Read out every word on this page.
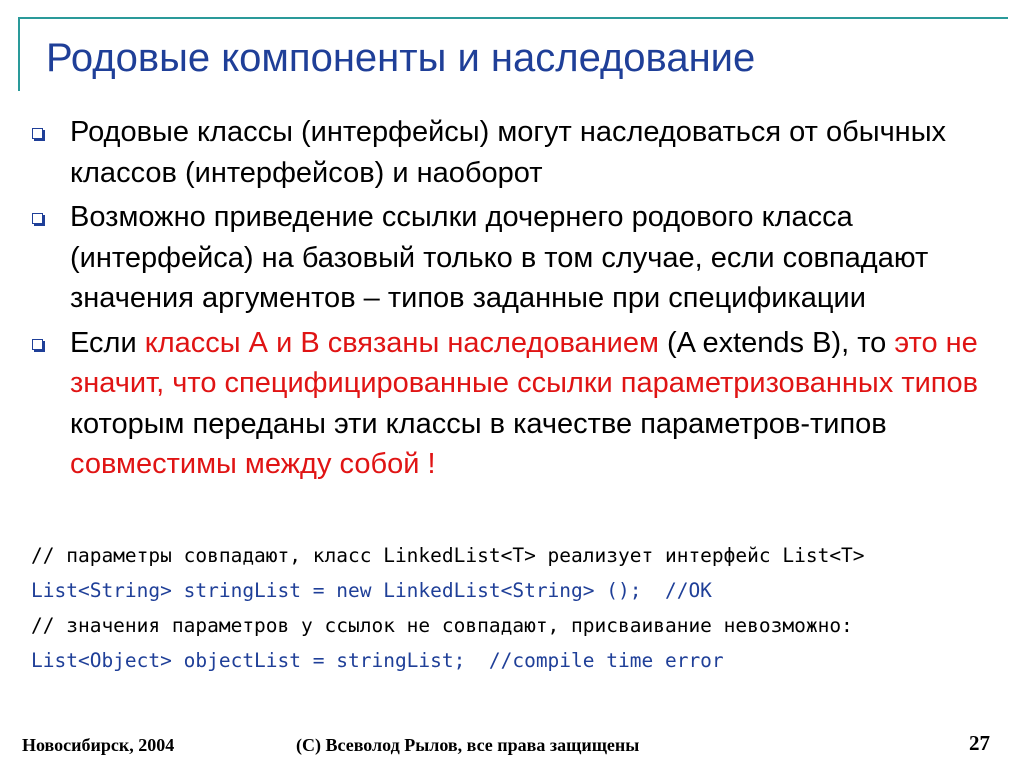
Родовые компоненты и наследование
Родовые классы (интерфейсы) могут наследоваться от обычных классов (интерфейсов) и наоборот
Возможно приведение ссылки дочернего родового класса (интерфейса) на базовый только в том случае, если совпадают значения аргументов – типов заданные при спецификации
Если классы А и В связаны наследованием (A extends B), то это не значит, что специфицированные ссылки параметризованных типов которым переданы эти классы в качестве параметров-типов совместимы между собой !
// параметры совпадают, класс LinkedList<T> реализует интерфейс List<T>
List<String> stringList = new LinkedList<String> ();  //OK
// значения параметров у ссылок не совпадают, присваивание невозможно:
List<Object> objectList = stringList;  //compile time error
Новосибирск, 2004	(C) Всеволод Рылов, все права защищены	27
